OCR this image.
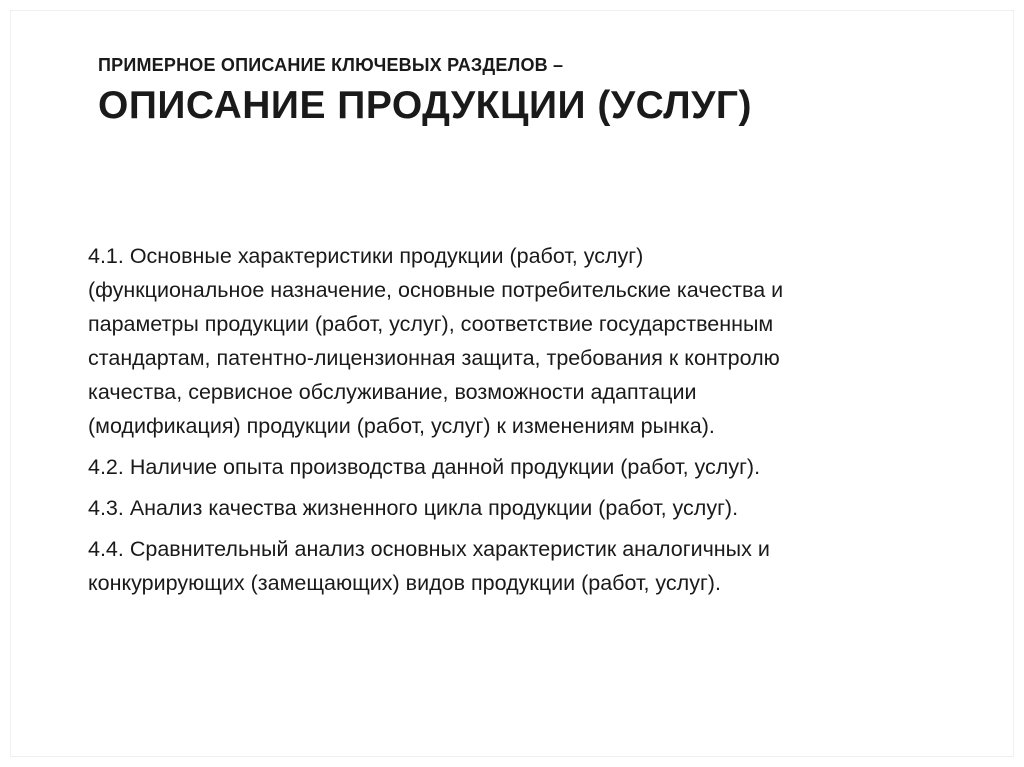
ПРИМЕРНОЕ ОПИСАНИЕ КЛЮЧЕВЫХ РАЗДЕЛОВ –
ОПИСАНИЕ ПРОДУКЦИИ (УСЛУГ)

4.1. Основные характеристики продукции (работ, услуг)
(функциональное назначение, основные потребительские качества и
параметры продукции (работ, услуг), соответствие государственным
стандартам, патентно-лицензионная защита, требования к контролю
качества, сервисное обслуживание, возможности адаптации
(модификация) продукции (работ, услуг) к изменениям рынка).

4.2. Наличие опыта производства данной продукции (работ, услуг).

4.3. Анализ качества жизненного цикла продукции (работ, услуг).

4.4. Сравнительный анализ основных характеристик аналогичных и
конкурирующих (замещающих) видов продукции (работ, услуг).
